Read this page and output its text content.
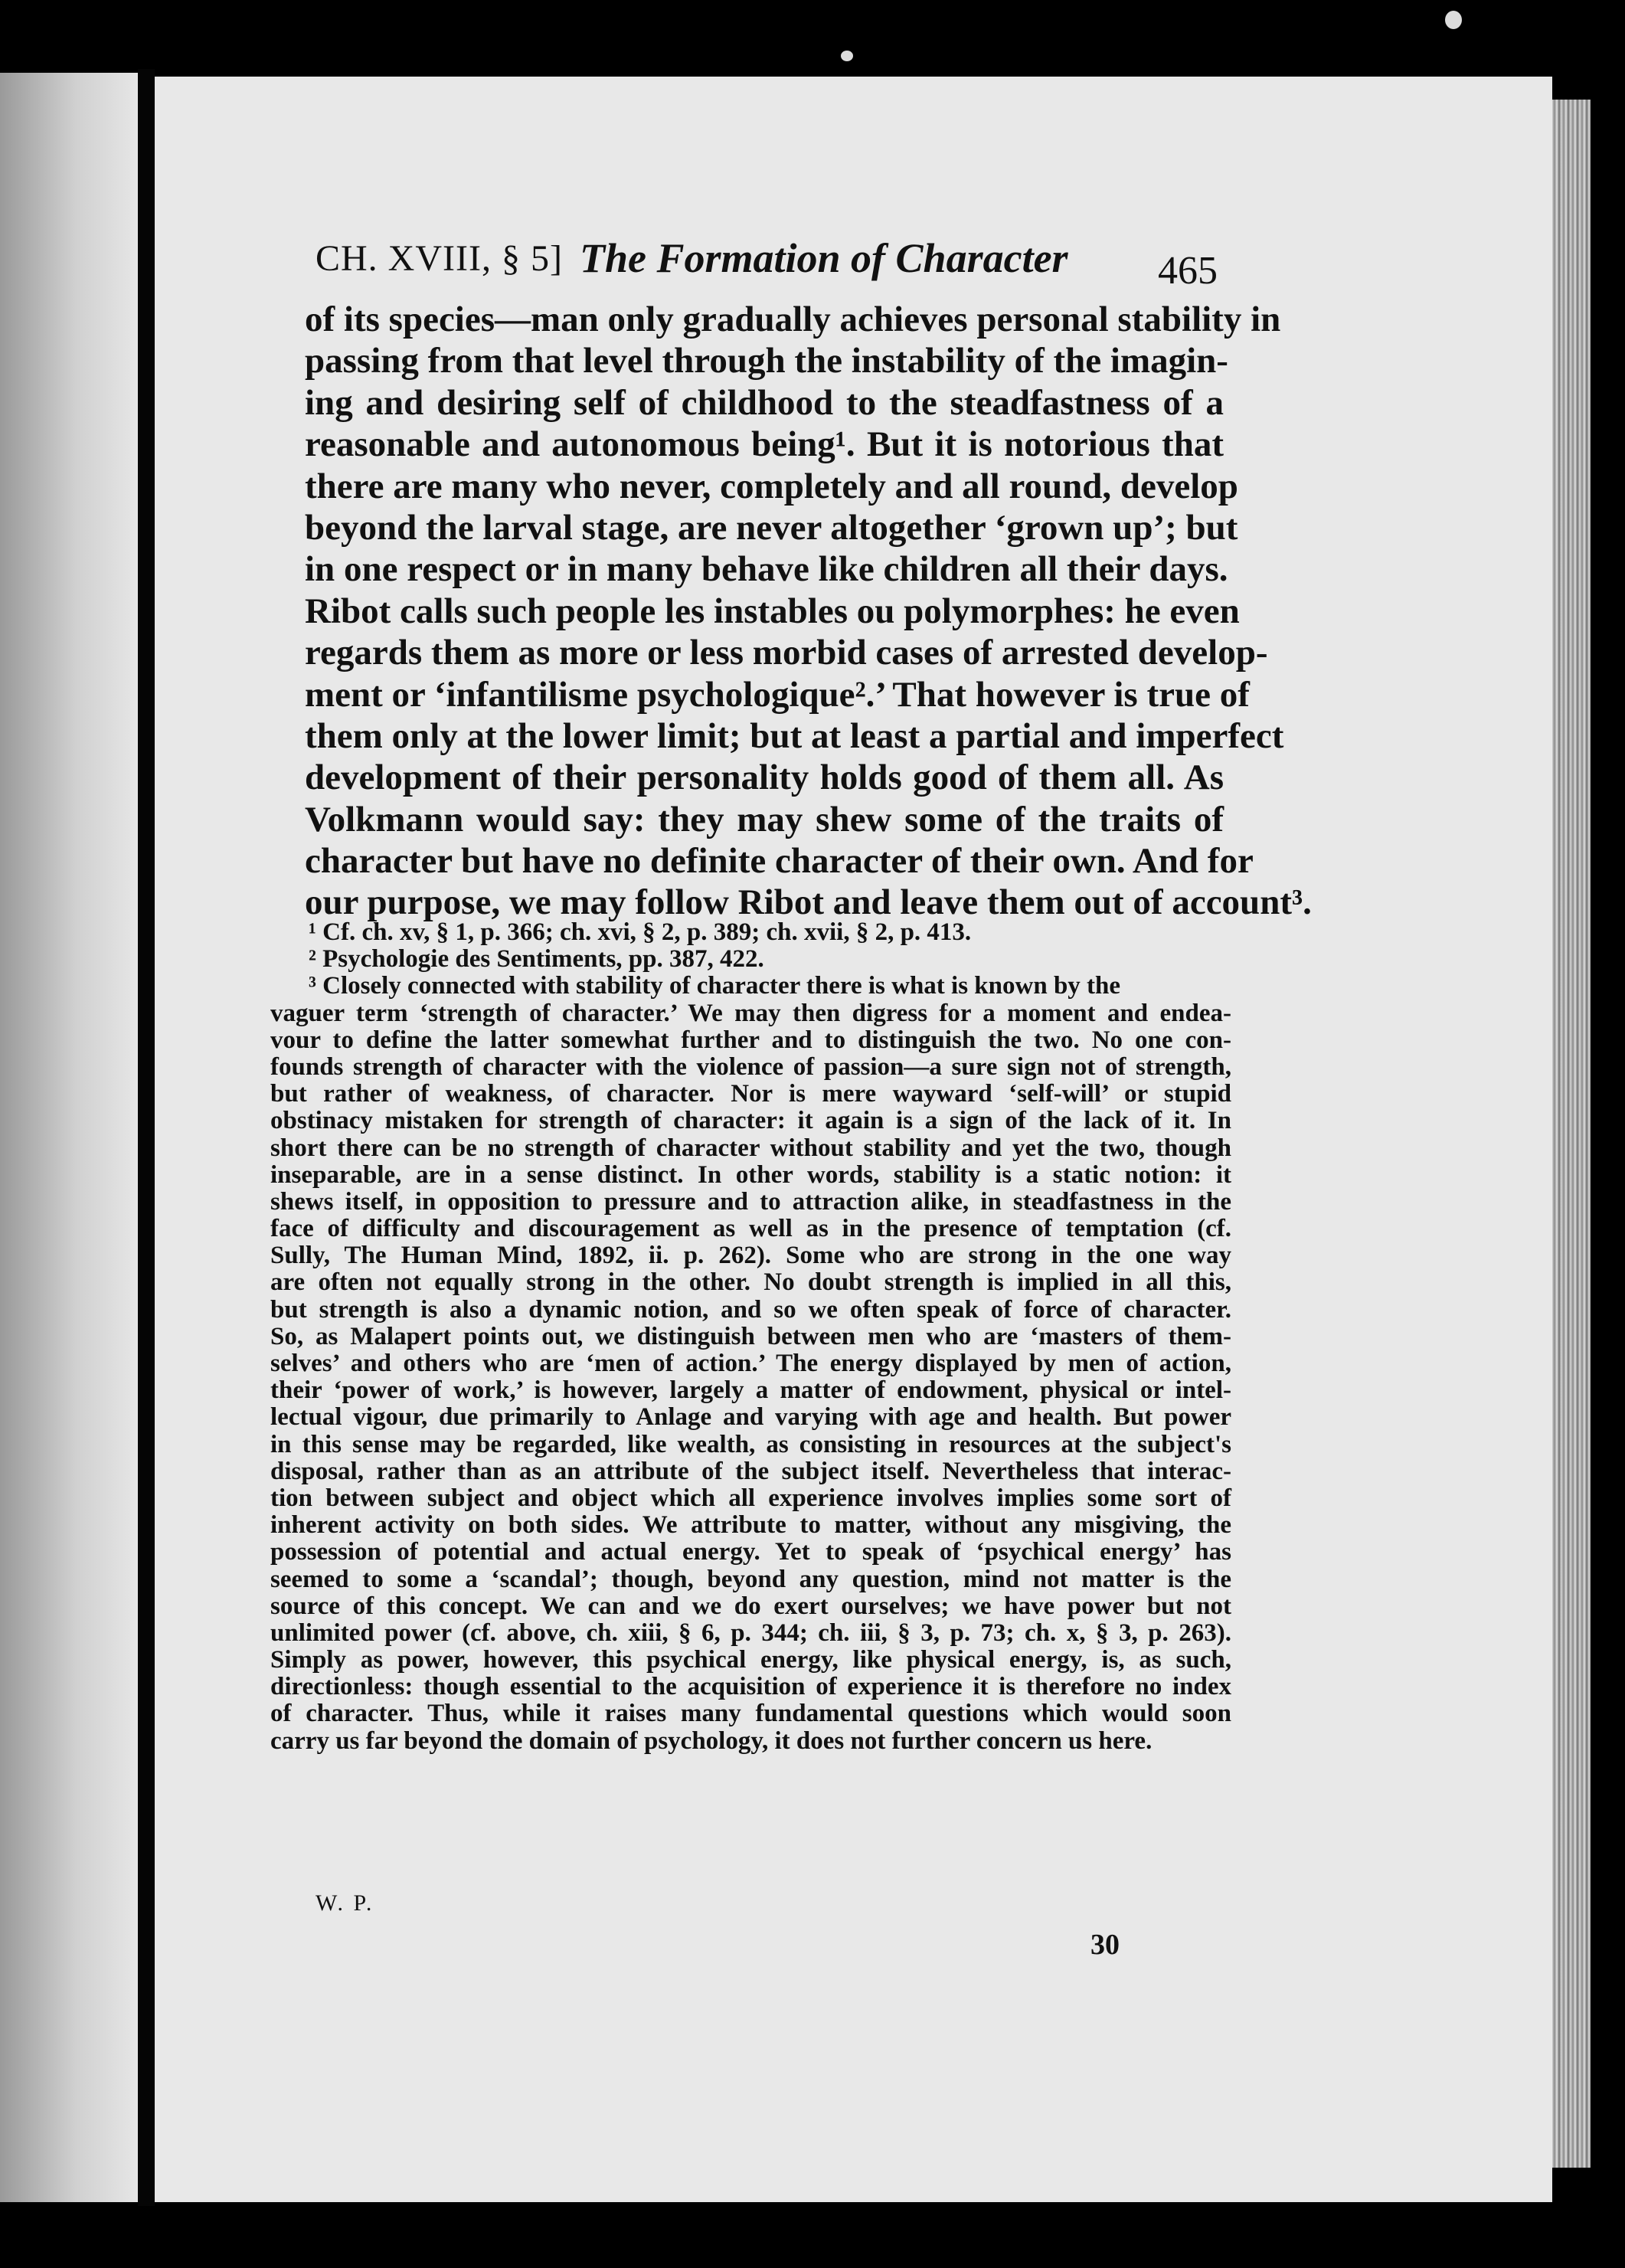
CH. XVIII, § 5] The Formation of Character 465
of its species—man only gradually achieves personal stability in
passing from that level through the instability of the imagin-
ing and desiring self of childhood to the steadfastness of a
reasonable and autonomous being¹. But it is notorious that
there are many who never, completely and all round, develop
beyond the larval stage, are never altogether ‘grown up’; but
in one respect or in many behave like children all their days.
Ribot calls such people les instables ou polymorphes: he even
regards them as more or less morbid cases of arrested develop-
ment or ‘infantilisme psychologique².’ That however is true of
them only at the lower limit; but at least a partial and imperfect
development of their personality holds good of them all. As
Volkmann would say: they may shew some of the traits of
character but have no definite character of their own. And for
our purpose, we may follow Ribot and leave them out of account³.
¹ Cf. ch. xv, § 1, p. 366; ch. xvi, § 2, p. 389; ch. xvii, § 2, p. 413.
² Psychologie des Sentiments, pp. 387, 422.
³ Closely connected with stability of character there is what is known by the
vaguer term ‘strength of character.’ We may then digress for a moment and endea-
vour to define the latter somewhat further and to distinguish the two. No one con-
founds strength of character with the violence of passion—a sure sign not of strength,
but rather of weakness, of character. Nor is mere wayward ‘self-will’ or stupid
obstinacy mistaken for strength of character: it again is a sign of the lack of it. In
short there can be no strength of character without stability and yet the two, though
inseparable, are in a sense distinct. In other words, stability is a static notion: it
shews itself, in opposition to pressure and to attraction alike, in steadfastness in the
face of difficulty and discouragement as well as in the presence of temptation (cf.
Sully, The Human Mind, 1892, ii. p. 262). Some who are strong in the one way
are often not equally strong in the other. No doubt strength is implied in all this,
but strength is also a dynamic notion, and so we often speak of force of character.
So, as Malapert points out, we distinguish between men who are ‘masters of them-
selves’ and others who are ‘men of action.’ The energy displayed by men of action,
their ‘power of work,’ is however, largely a matter of endowment, physical or intel-
lectual vigour, due primarily to Anlage and varying with age and health. But power
in this sense may be regarded, like wealth, as consisting in resources at the subject's
disposal, rather than as an attribute of the subject itself. Nevertheless that interac-
tion between subject and object which all experience involves implies some sort of
inherent activity on both sides. We attribute to matter, without any misgiving, the
possession of potential and actual energy. Yet to speak of ‘psychical energy’ has
seemed to some a ‘scandal’; though, beyond any question, mind not matter is the
source of this concept. We can and we do exert ourselves; we have power but not
unlimited power (cf. above, ch. xiii, § 6, p. 344; ch. iii, § 3, p. 73; ch. x, § 3, p. 263).
Simply as power, however, this psychical energy, like physical energy, is, as such,
directionless: though essential to the acquisition of experience it is therefore no index
of character. Thus, while it raises many fundamental questions which would soon
carry us far beyond the domain of psychology, it does not further concern us here.
W. P.
30
